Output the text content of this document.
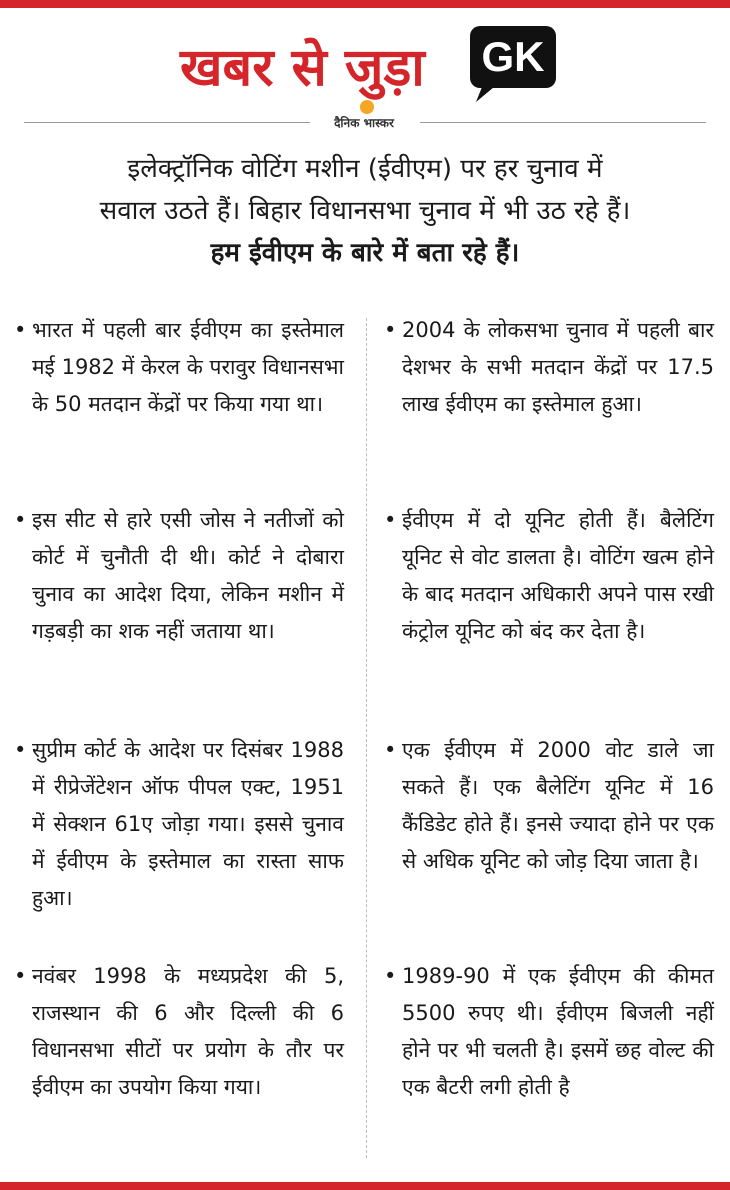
खबर से जुड़ा GK
दैनिक भास्कर

इलेक्ट्रॉनिक वोटिंग मशीन (ईवीएम) पर हर चुनाव में

सवाल उठते हैं। बिहार विधानसभा चुनाव में भी उठ रहे हैं।

हम ईवीएम के बारे में बता रहे हैं।

• भारत में पहली बार ईवीएम का इस्तेमाल मई 1982 में केरल के परावुर विधानसभा के 50 मतदान केंद्रों पर किया गया था।
• इस सीट से हारे एसी जोस ने नतीजों को कोर्ट में चुनौती दी थी। कोर्ट ने दोबारा चुनाव का आदेश दिया, लेकिन मशीन में गड़बड़ी का शक नहीं जताया था।
• सुप्रीम कोर्ट के आदेश पर दिसंबर 1988 में रीप्रेजेंटेशन ऑफ पीपल एक्ट, 1951 में सेक्शन 61ए जोड़ा गया। इससे चुनाव में ईवीएम के इस्तेमाल का रास्ता साफ हुआ।
• नवंबर 1998 के मध्यप्रदेश की 5, राजस्थान की 6 और दिल्ली की 6 विधानसभा सीटों पर प्रयोग के तौर पर ईवीएम का उपयोग किया गया।
• 2004 के लोकसभा चुनाव में पहली बार देशभर के सभी मतदान केंद्रों पर 17.5 लाख ईवीएम का इस्तेमाल हुआ।
• ईवीएम में दो यूनिट होती हैं। बैलेटिंग यूनिट से वोट डालता है। वोटिंग खत्म होने के बाद मतदान अधिकारी अपने पास रखी कंट्रोल यूनिट को बंद कर देता है।
• एक ईवीएम में 2000 वोट डाले जा सकते हैं। एक बैलेटिंग यूनिट में 16 कैंडिडेट होते हैं। इनसे ज्यादा होने पर एक से अधिक यूनिट को जोड़ दिया जाता है।
• 1989-90 में एक ईवीएम की कीमत 5500 रुपए थी। ईवीएम बिजली नहीं होने पर भी चलती है। इसमें छह वोल्ट की एक बैटरी लगी होती है
